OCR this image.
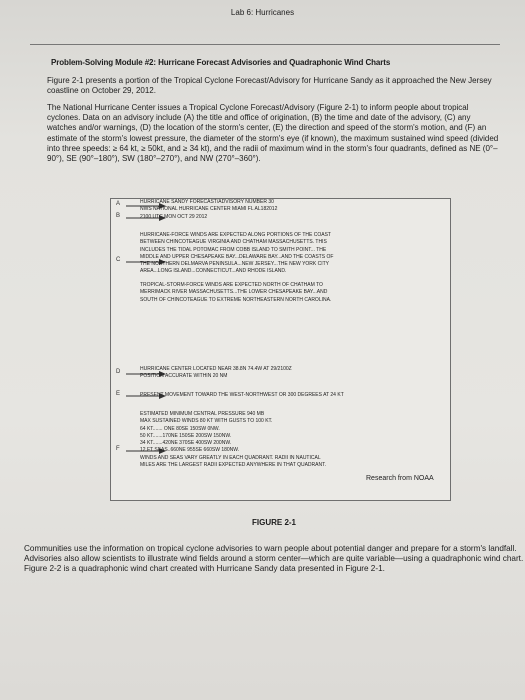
Lab 6: Hurricanes
Problem-Solving Module #2: Hurricane Forecast Advisories and Quadraphonic Wind Charts

Figure 2-1 presents a portion of the Tropical Cyclone Forecast/Advisory for Hurricane Sandy as it approached the New Jersey coastline on October 29, 2012.

The National Hurricane Center issues a Tropical Cyclone Forecast/Advisory (Figure 2-1) to inform people about tropical cyclones. Data on an advisory include (A) the title and office of origination, (B) the time and date of the advisory, (C) any watches and/or warnings, (D) the location of the storm's center, (E) the direction and speed of the storm's motion, and (F) an estimate of the storm's lowest pressure, the diameter of the storm's eye (if known), the maximum sustained wind speed (divided into three speeds: ≥ 64 kt, ≥ 50kt, and ≥ 34 kt), and the radii of maximum wind in the storm's four quadrants, defined as NE (0°–90°), SE (90°–180°), SW (180°–270°), and NW (270°–360°).

A
B
C
D
E
F
HURRICANE SANDY FORECAST/ADVISORY NUMBER 30
NWS NATIONAL HURRICANE CENTER MIAMI FL AL182012
2100 UTC MON OCT 29 2012
HURRICANE-FORCE WINDS ARE EXPECTED ALONG PORTIONS OF THE COAST
BETWEEN CHINCOTEAGUE VIRGINIA AND CHATHAM MASSACHUSETTS. THIS
INCLUDES THE TIDAL POTOMAC FROM COBB ISLAND TO SMITH POINT... THE
MIDDLE AND UPPER CHESAPEAKE BAY...DELAWARE BAY...AND THE COASTS OF
THE NORTHERN DELMARVA PENINSULA...NEW JERSEY...THE NEW YORK CITY
AREA...LONG ISLAND...CONNECTICUT...AND RHODE ISLAND.
TROPICAL-STORM-FORCE WINDS ARE EXPECTED NORTH OF CHATHAM TO
MERRIMACK RIVER MASSACHUSETTS...THE LOWER CHESAPEAKE BAY...AND
SOUTH OF CHINCOTEAGUE TO EXTREME NORTHEASTERN NORTH CAROLINA.
HURRICANE CENTER LOCATED NEAR 38.8N 74.4W AT 29/2100Z
POSITION ACCURATE WITHIN 20 NM
PRESENT MOVEMENT TOWARD THE WEST-NORTHWEST OR 300 DEGREES AT 24 KT
ESTIMATED MINIMUM CENTRAL PRESSURE 940 MB
MAX SUSTAINED WINDS 80 KT WITH GUSTS TO 100 KT.
64 KT....... ONE 80SE 150SW 0NW.
50 KT.......170NE 150SE 200SW 150NW.
34 KT.......420NE 370SE 400SW 200NW.
12 FT SEAS..660NE 955SE 660SW 180NW.
WINDS AND SEAS VARY GREATLY IN EACH QUADRANT. RADII IN NAUTICAL
MILES ARE THE LARGEST RADII EXPECTED ANYWHERE IN THAT QUADRANT.
Research from NOAA
FIGURE 2-1

Communities use the information on tropical cyclone advisories to warn people about potential danger and prepare for a storm's landfall. Advisories also allow scientists to illustrate wind fields around a storm center—which are quite variable—using a quadraphonic wind chart. Figure 2-2 is a quadraphonic wind chart created with Hurricane Sandy data presented in Figure 2-1.
